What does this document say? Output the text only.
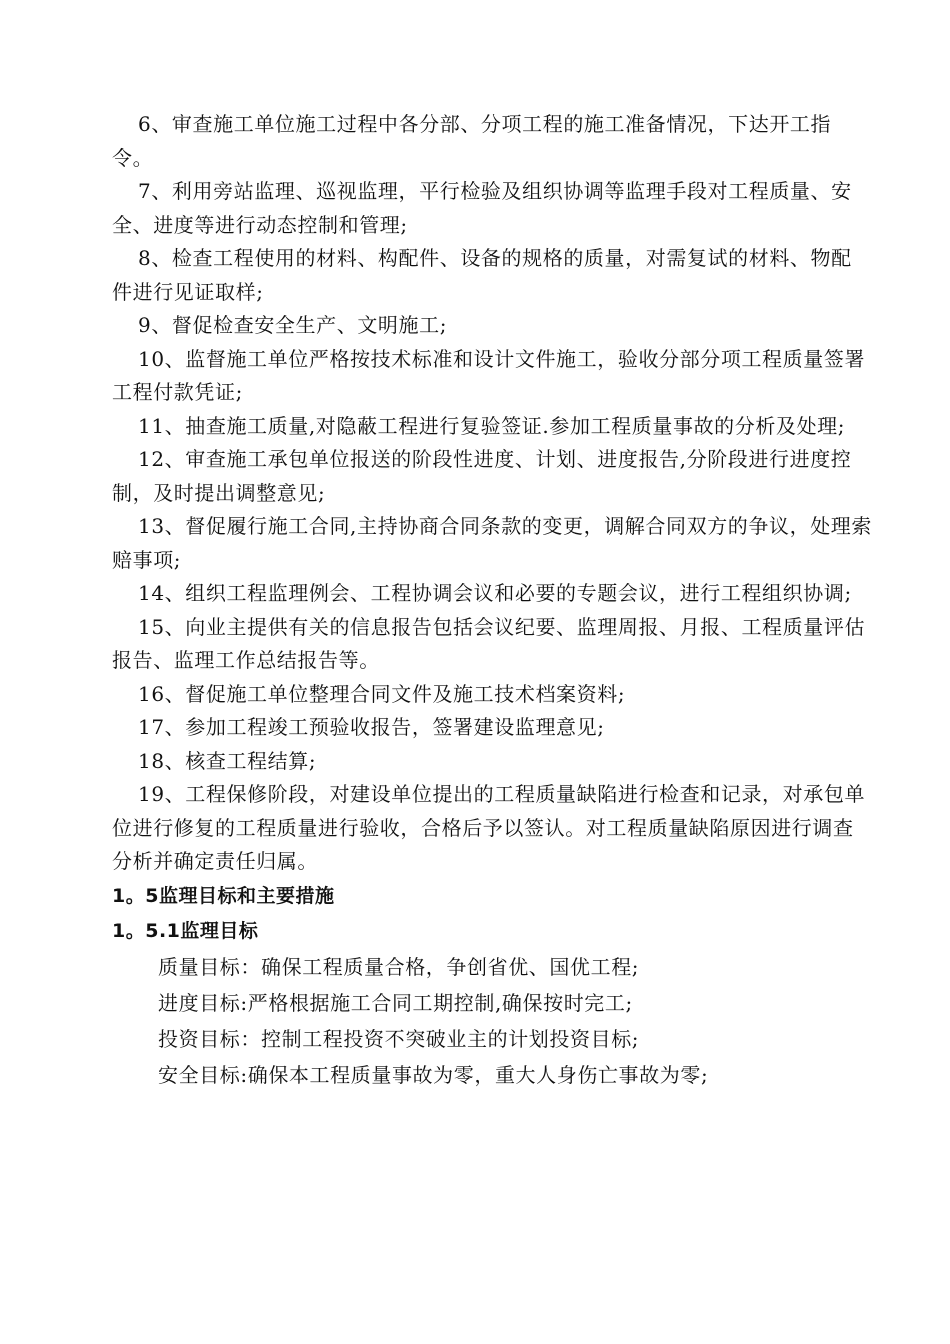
6、审查施工单位施工过程中各分部、分项工程的施工准备情况，下达开工指令。

7、利用旁站监理、巡视监理，平行检验及组织协调等监理手段对工程质量、安全、进度等进行动态控制和管理;

8、检查工程使用的材料、构配件、设备的规格的质量，对需复试的材料、物配件进行见证取样;

9、督促检查安全生产、文明施工;

10、监督施工单位严格按技术标准和设计文件施工，验收分部分项工程质量签署工程付款凭证;

11、抽查施工质量,对隐蔽工程进行复验签证.参加工程质量事故的分析及处理;

12、审查施工承包单位报送的阶段性进度、计划、进度报告,分阶段进行进度控制，及时提出调整意见;

13、督促履行施工合同,主持协商合同条款的变更，调解合同双方的争议，处理索赔事项;

14、组织工程监理例会、工程协调会议和必要的专题会议，进行工程组织协调;

15、向业主提供有关的信息报告包括会议纪要、监理周报、月报、工程质量评估报告、监理工作总结报告等。

16、督促施工单位整理合同文件及施工技术档案资料;

17、参加工程竣工预验收报告，签署建设监理意见;

18、核查工程结算;

19、工程保修阶段，对建设单位提出的工程质量缺陷进行检查和记录，对承包单位进行修复的工程质量进行验收，合格后予以签认。对工程质量缺陷原因进行调查分析并确定责任归属。

1。5监理目标和主要措施
1。5.1监理目标

质量目标：确保工程质量合格，争创省优、国优工程;

进度目标:严格根据施工合同工期控制,确保按时完工;

投资目标：控制工程投资不突破业主的计划投资目标;

安全目标:确保本工程质量事故为零，重大人身伤亡事故为零;
